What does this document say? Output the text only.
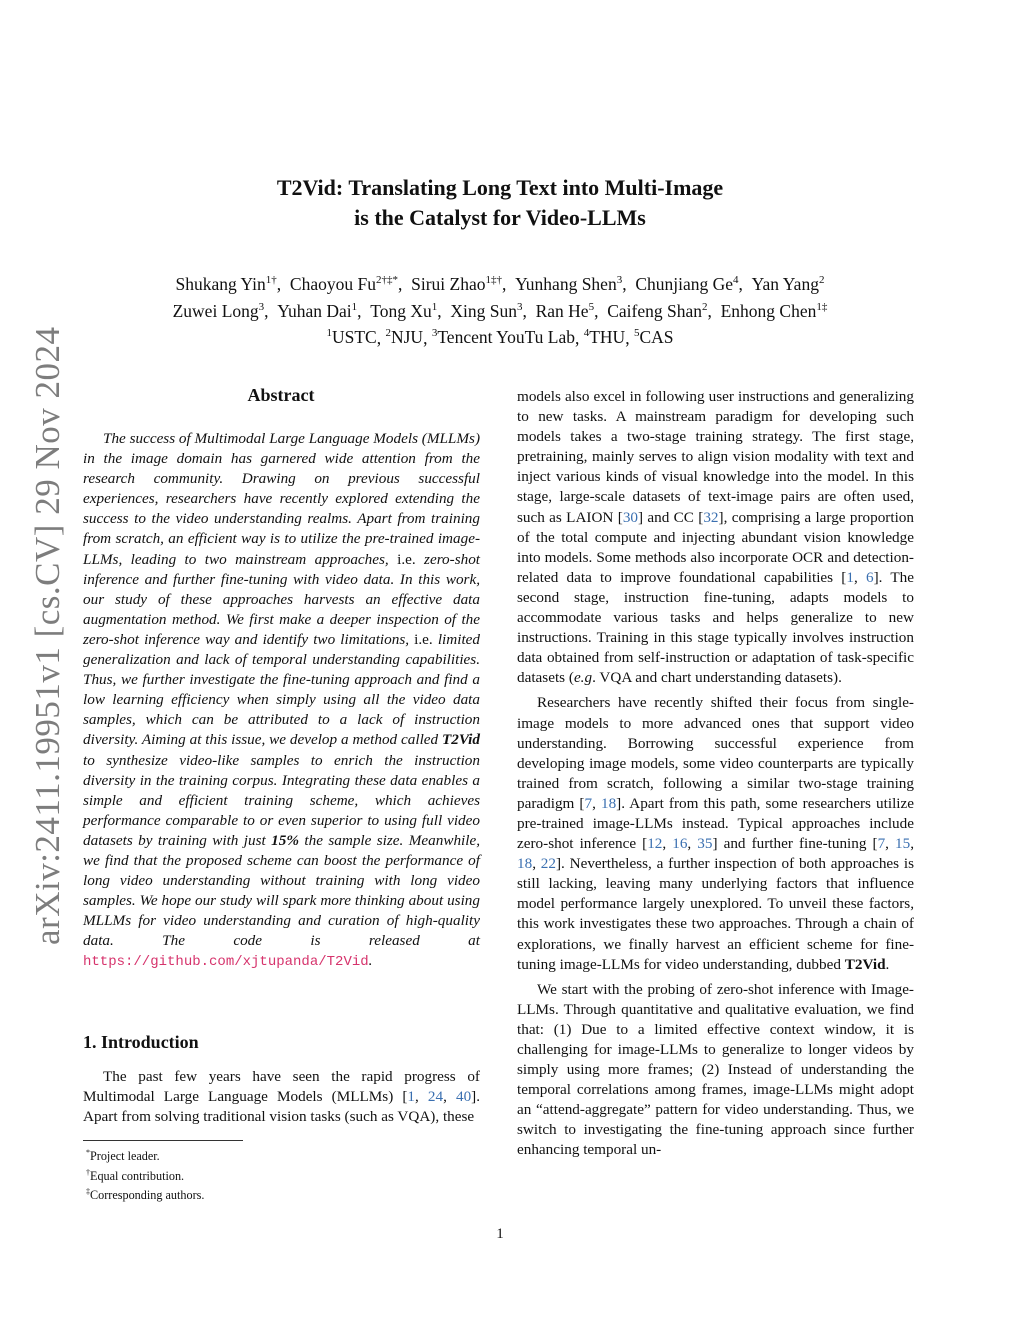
arXiv:2411.19951v1 [cs.CV] 29 Nov 2024
T2Vid: Translating Long Text into Multi-Image
is the Catalyst for Video-LLMs
Shukang Yin$^{1\dagger}$, Chaoyou $Fu^{2\dagger\ddagger*}$, Sirui Zhao$^{1\ddagger\dagger}$, Yunhang Shen$^3$, Chunjiang Ge$^4$, Yan Yang$^2$
Zuwei Long$^3$, Yuhan Dai$^1$, Tong Xu$^1$, Xing Sun$^3$, Ran He$^5$, Caifeng Shan$^2$, Enhong Chen$^{1\ddagger}$
$^1$USTC, $^2$NJU, $^3$Tencent YouTu Lab, $^4$THU, $^5$CAS
Abstract
The success of Multimodal Large Language Models (MLLMs) in the image domain has garnered wide attention from the research community. Drawing on previous successful experiences, researchers have recently explored extending the success to the video understanding realms. Apart from training from scratch, an efficient way is to utilize the pre-trained image-LLMs, leading to two mainstream approaches, i.e. zero-shot inference and further fine-tuning with video data. In this work, our study of these approaches harvests an effective data augmentation method. We first make a deeper inspection of the zero-shot inference way and identify two limitations, i.e. limited generalization and lack of temporal understanding capabilities. Thus, we further investigate the fine-tuning approach and find a low learning efficiency when simply using all the video data samples, which can be attributed to a lack of instruction diversity. Aiming at this issue, we develop a method called T2Vid to synthesize video-like samples to enrich the instruction diversity in the training corpus. Integrating these data enables a simple and efficient training scheme, which achieves performance comparable to or even superior to using full video datasets by training with just 15% the sample size. Meanwhile, we find that the proposed scheme can boost the performance of long video understanding without training with long video samples. We hope our study will spark more thinking about using MLLMs for video understanding and curation of high-quality data. The code is released at https://github.com/xjtupanda/T2Vid.
1. Introduction
The past few years have seen the rapid progress of Multimodal Large Language Models (MLLMs) [1, 24, 40]. Apart from solving traditional vision tasks (such as VQA), these
*Project leader.
†Equal contribution.
‡Corresponding authors.

models also excel in following user instructions and generalizing to new tasks. A mainstream paradigm for developing such models takes a two-stage training strategy. The first stage, pretraining, mainly serves to align vision modality with text and inject various kinds of visual knowledge into the model. In this stage, large-scale datasets of text-image pairs are often used, such as LAION [30] and CC [32], comprising a large proportion of the total compute and injecting abundant vision knowledge into models. Some methods also incorporate OCR and detection-related data to improve foundational capabilities [1, 6]. The second stage, instruction fine-tuning, adapts models to accommodate various tasks and helps generalize to new instructions. Training in this stage typically involves instruction data obtained from self-instruction or adaptation of task-specific datasets (e.g. VQA and chart understanding datasets).

Researchers have recently shifted their focus from single-image models to more advanced ones that support video understanding. Borrowing successful experience from developing image models, some video counterparts are typically trained from scratch, following a similar two-stage training paradigm [7, 18]. Apart from this path, some researchers utilize pre-trained image-LLMs instead. Typical approaches include zero-shot inference [12, 16, 35] and further fine-tuning [7, 15, 18, 22]. Nevertheless, a further inspection of both approaches is still lacking, leaving many underlying factors that influence model performance largely unexplored. To unveil these factors, this work investigates these two approaches. Through a chain of explorations, we finally harvest an efficient scheme for fine-tuning image-LLMs for video understanding, dubbed T2Vid.

We start with the probing of zero-shot inference with Image-LLMs. Through quantitative and qualitative evaluation, we find that: (1) Due to a limited effective context window, it is challenging for image-LLMs to generalize to longer videos by simply using more frames; (2) Instead of understanding the temporal correlations among frames, image-LLMs might adopt an “attend-aggregate” pattern for video understanding. Thus, we switch to investigating the fine-tuning approach since further enhancing temporal un-

1
